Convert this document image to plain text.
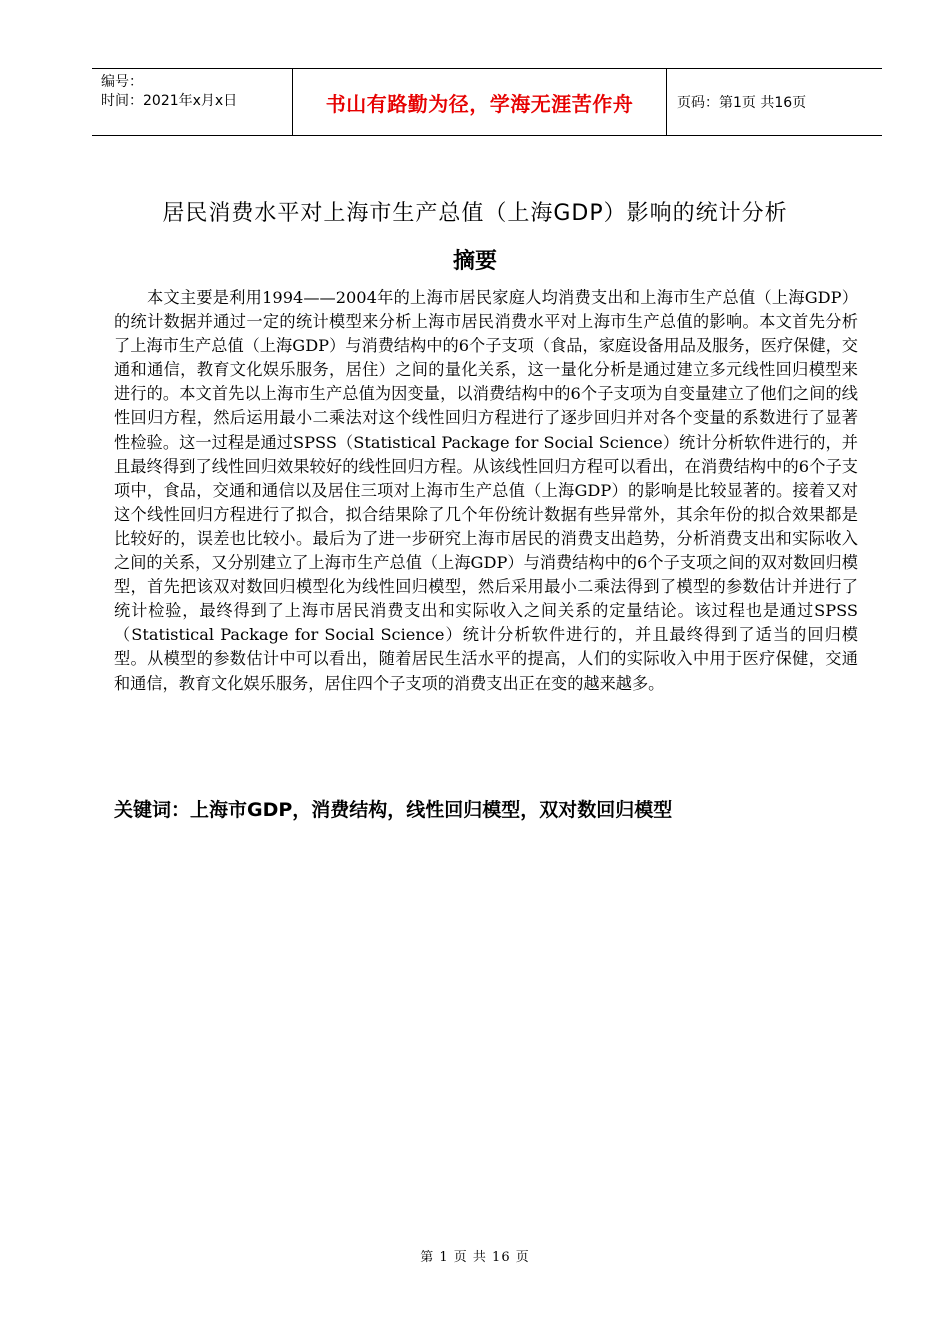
编号：
时间：2021年x月x日	书山有路勤为径，学海无涯苦作舟	页码：第1页 共16页
居民消费水平对上海市生产总值（上海GDP）影响的统计分析
摘要

本文主要是利用1994——2004年的上海市居民家庭人均消费支出和上海市生产总值（上海GDP）的统计数据并通过一定的统计模型来分析上海市居民消费水平对上海市生产总值的影响。本文首先分析了上海市生产总值（上海GDP）与消费结构中的6个子支项（食品，家庭设备用品及服务，医疗保健，交通和通信，教育文化娱乐服务，居住）之间的量化关系，这一量化分析是通过建立多元线性回归模型来进行的。本文首先以上海市生产总值为因变量，以消费结构中的6个子支项为自变量建立了他们之间的线性回归方程，然后运用最小二乘法对这个线性回归方程进行了逐步回归并对各个变量的系数进行了显著性检验。这一过程是通过SPSS（Statistical Package for Social Science）统计分析软件进行的，并且最终得到了线性回归效果较好的线性回归方程。从该线性回归方程可以看出，在消费结构中的6个子支项中，食品，交通和通信以及居住三项对上海市生产总值（上海GDP）的影响是比较显著的。接着又对这个线性回归方程进行了拟合，拟合结果除了几个年份统计数据有些异常外，其余年份的拟合效果都是比较好的，误差也比较小。最后为了进一步研究上海市居民的消费支出趋势，分析消费支出和实际收入之间的关系，又分别建立了上海市生产总值（上海GDP）与消费结构中的6个子支项之间的双对数回归模型，首先把该双对数回归模型化为线性回归模型，然后采用最小二乘法得到了模型的参数估计并进行了统计检验，最终得到了上海市居民消费支出和实际收入之间关系的定量结论。该过程也是通过SPSS（Statistical Package for Social Science）统计分析软件进行的，并且最终得到了适当的回归模型。从模型的参数估计中可以看出，随着居民生活水平的提高，人们的实际收入中用于医疗保健，交通和通信，教育文化娱乐服务，居住四个子支项的消费支出正在变的越来越多。

关键词：上海市GDP，消费结构，线性回归模型，双对数回归模型
第 1 页 共 16 页
